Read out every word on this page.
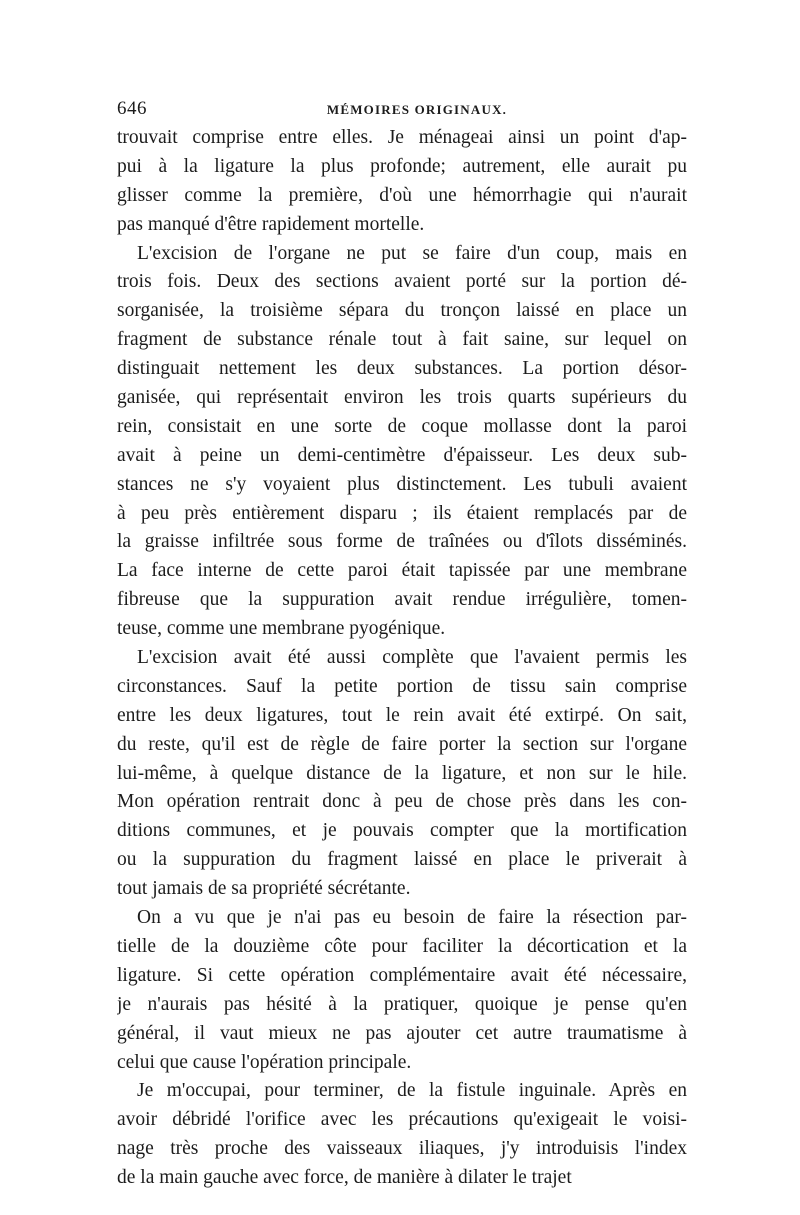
646	MÉMOIRES ORIGINAUX.
trouvait comprise entre elles. Je ménageai ainsi un point d'ap-
pui à la ligature la plus profonde; autrement, elle aurait pu
glisser comme la première, d'où une hémorrhagie qui n'aurait
pas manqué d'être rapidement mortelle.
L'excision de l'organe ne put se faire d'un coup, mais en
trois fois. Deux des sections avaient porté sur la portion dé-
sorganisée, la troisième sépara du tronçon laissé en place un
fragment de substance rénale tout à fait saine, sur lequel on
distinguait nettement les deux substances. La portion désor-
ganisée, qui représentait environ les trois quarts supérieurs du
rein, consistait en une sorte de coque mollasse dont la paroi
avait à peine un demi-centimètre d'épaisseur. Les deux sub-
stances ne s'y voyaient plus distinctement. Les tubuli avaient
à peu près entièrement disparu ; ils étaient remplacés par de
la graisse infiltrée sous forme de traînées ou d'îlots disséminés.
La face interne de cette paroi était tapissée par une membrane
fibreuse que la suppuration avait rendue irrégulière, tomen-
teuse, comme une membrane pyogénique.
L'excision avait été aussi complète que l'avaient permis les
circonstances. Sauf la petite portion de tissu sain comprise
entre les deux ligatures, tout le rein avait été extirpé. On sait,
du reste, qu'il est de règle de faire porter la section sur l'organe
lui-même, à quelque distance de la ligature, et non sur le hile.
Mon opération rentrait donc à peu de chose près dans les con-
ditions communes, et je pouvais compter que la mortification
ou la suppuration du fragment laissé en place le priverait à
tout jamais de sa propriété sécrétante.
On a vu que je n'ai pas eu besoin de faire la résection par-
tielle de la douzième côte pour faciliter la décortication et la
ligature. Si cette opération complémentaire avait été nécessaire,
je n'aurais pas hésité à la pratiquer, quoique je pense qu'en
général, il vaut mieux ne pas ajouter cet autre traumatisme à
celui que cause l'opération principale.
Je m'occupai, pour terminer, de la fistule inguinale. Après en
avoir débridé l'orifice avec les précautions qu'exigeait le voisi-
nage très proche des vaisseaux iliaques, j'y introduisis l'index
de la main gauche avec force, de manière à dilater le trajet
